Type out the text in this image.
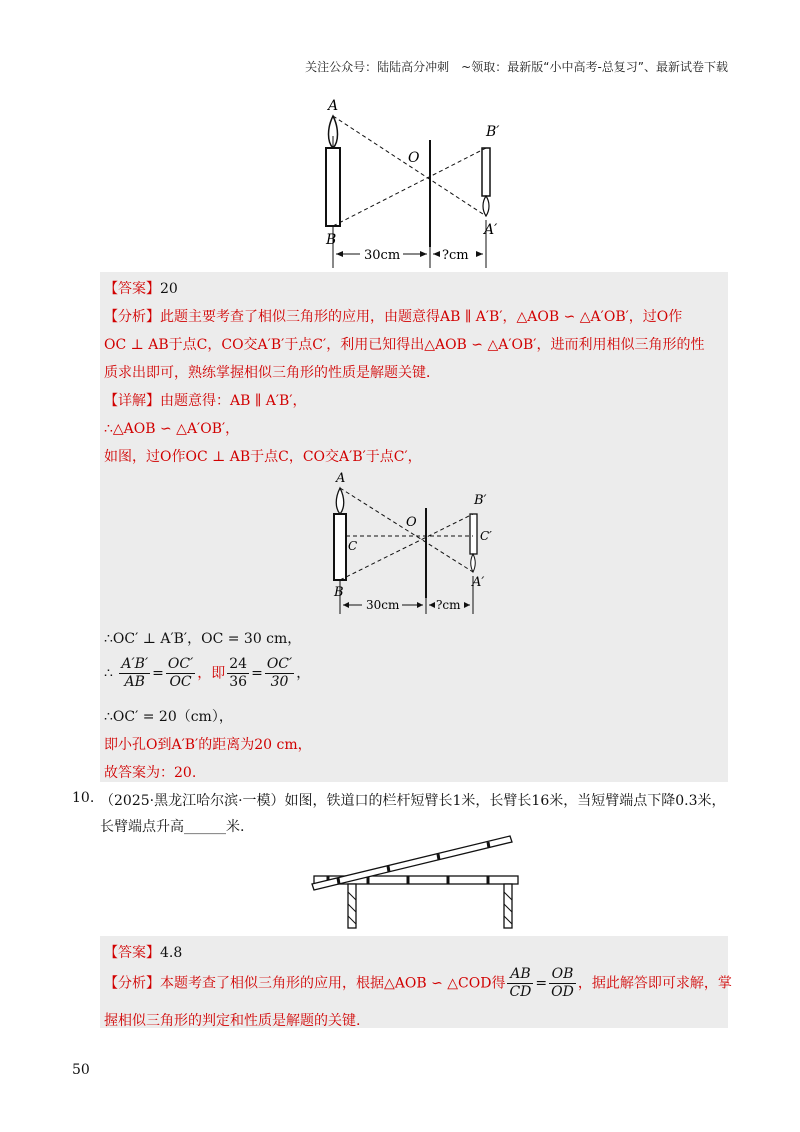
关注公众号：陆陆高分冲刺　~领取：最新版“小中高考-总复习”、最新试卷下载
A
B
O
B′
A′
30cm	?cm
【答案】20
【分析】此题主要考查了相似三角形的应用，由题意得AB ∥ A′B′，△AOB ∽ △A′OB′，过O作
OC ⊥ AB于点C，CO交A′B′于点C′，利用已知得出△AOB ∽ △A′OB′，进而利用相似三角形的性
质求出即可，熟练掌握相似三角形的性质是解题关键．
【详解】由题意得：AB ∥ A′B′，
∴△AOB ∽ △A′OB′，
如图，过O作OC ⊥ AB于点C，CO交A′B′于点C′，
A
B
C
O
B′
C′
A′
30cm	?cm
∴OC′ ⊥ A′B′，OC = 30 cm，
∴ $\frac{A'B'}{AB} = \frac{OC'}{OC}$ ，即 $\frac{24}{36} = \frac{OC'}{30}$ ，
∴OC′ = 20（cm），
即小孔O到A′B′的距离为20 cm，
故答案为：20.
10. （2025·黑龙江哈尔滨·一模）如图，铁道口的栏杆短臂长1米，长臂长16米，当短臂端点下降0.3米，
长臂端点升高______米.
【答案】4.8
【分析】本题考查了相似三角形的应用，根据△AOB ∽ △COD得 $\frac{AB}{CD} = \frac{OB}{OD}$ ，据此解答即可求解，掌
握相似三角形的判定和性质是解题的关键.
50
